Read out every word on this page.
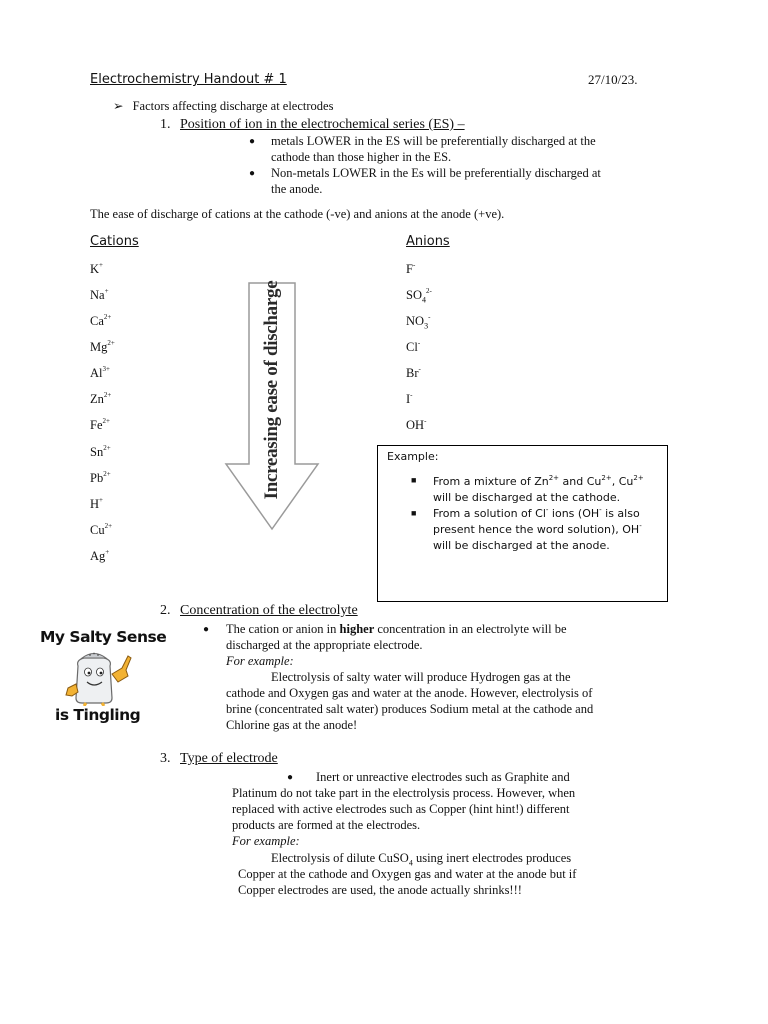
Electrochemistry Handout # 1	27/10/23.
➢ Factors affecting discharge at electrodes
1. Position of ion in the electrochemical series (ES) –
● metals LOWER in the ES will be preferentially discharged at the
cathode than those higher in the ES.
● Non-metals LOWER in the Es will be preferentially discharged at
the anode.
The ease of discharge of cations at the cathode (-ve) and anions at the anode (+ve).
Cations	Anions
K+
Na+
$Ca^{2+}$
$Mg^{2+}$
$Al^{3+}$
$Zn^{2+}$
$Fe^{2+}$
$Sn^{2+}$
$Pb^{2+}$
H+
$Cu^{2+}$
Ag+
F-
$SO_4^{2-}$
$NO_3^-$
Cl-
Br-
I-
OH-
Increasing ease of discharge	Example:
■ From a mixture of $Zn^{2+}$ and $Cu^{2+}$, $Cu^{2+}$
will be discharged at the cathode.
■ From a solution of Cl- ions (OH- is also
present hence the word solution), OH-
will be discharged at the anode.
2. Concentration of the electrolyte
● The cation or anion in higher concentration in an electrolyte will be
discharged at the appropriate electrode.
For example:
Electrolysis of salty water will produce Hydrogen gas at the
cathode and Oxygen gas and water at the anode. However, electrolysis of
brine (concentrated salt water) produces Sodium metal at the cathode and
Chlorine gas at the anode!
My Salty Sense
is Tingling
3. Type of electrode
● Inert or unreactive electrodes such as Graphite and
Platinum do not take part in the electrolysis process. However, when
replaced with active electrodes such as Copper (hint hint!) different
products are formed at the electrodes.
For example:
Electrolysis of dilute CuSO$_4$ using inert electrodes produces
Copper at the cathode and Oxygen gas and water at the anode but if
Copper electrodes are used, the anode actually shrinks!!!
